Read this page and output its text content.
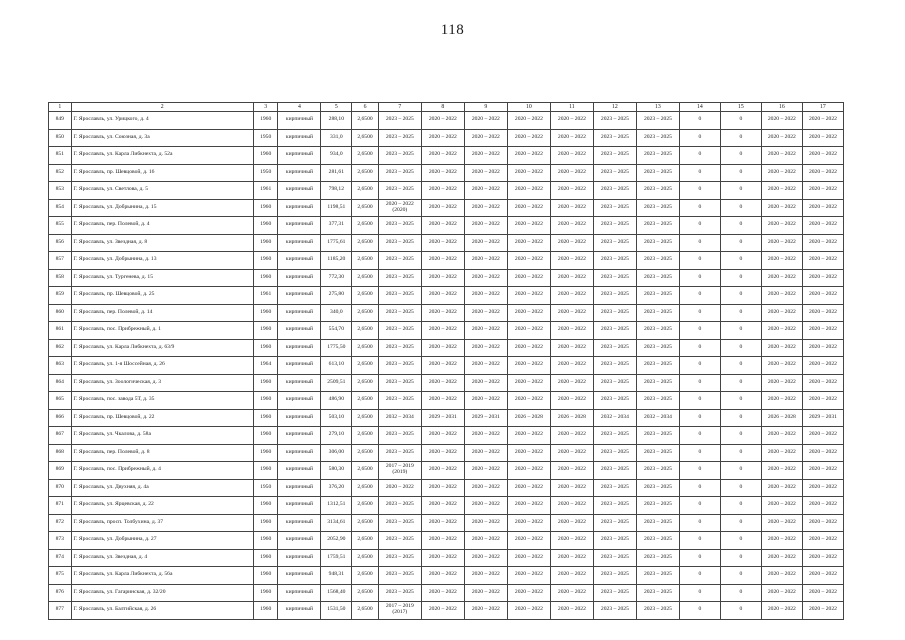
118
1	2	3	4	5	6	7	8	9	10	11	12	13	14	15	16	17
849	Г. Ярославль, ул. Урицкого, д. 4	1960	кирпичный	288,10	2,6500	2023 – 2025	2020 – 2022	2020 – 2022	2020 – 2022	2020 – 2022	2023 – 2025	2023 – 2025	0	0	2020 – 2022	2020 – 2022
850	Г. Ярославль, ул. Союзная, д. 3а	1950	кирпичный	331,0	2,6500	2023 – 2025	2020 – 2022	2020 – 2022	2020 – 2022	2020 – 2022	2023 – 2025	2023 – 2025	0	0	2020 – 2022	2020 – 2022
851	Г. Ярославль, ул. Карла Либкнехта, д. 52а	1960	кирпичный	934,0	2,6500	2023 – 2025	2020 – 2022	2020 – 2022	2020 – 2022	2020 – 2022	2023 – 2025	2023 – 2025	0	0	2020 – 2022	2020 – 2022
852	Г. Ярославль, пр. Шевцовой, д. 16	1950	кирпичный	281,61	2,6500	2023 – 2025	2020 – 2022	2020 – 2022	2020 – 2022	2020 – 2022	2023 – 2025	2023 – 2025	0	0	2020 – 2022	2020 – 2022
853	Г. Ярославль, ул. Светлова, д. 5	1961	кирпичный	798,12	2,6500	2023 – 2025	2020 – 2022	2020 – 2022	2020 – 2022	2020 – 2022	2023 – 2025	2023 – 2025	0	0	2020 – 2022	2020 – 2022
854	Г. Ярославль, ул. Добрынина, д. 15	1960	кирпичный	1198,51	2,6500	2020 – 2022 (2020)	2020 – 2022	2020 – 2022	2020 – 2022	2020 – 2022	2023 – 2025	2023 – 2025	0	0	2020 – 2022	2020 – 2022
855	Г. Ярославль, пер. Полевой, д. 4	1960	кирпичный	377,31	2,6500	2023 – 2025	2020 – 2022	2020 – 2022	2020 – 2022	2020 – 2022	2023 – 2025	2023 – 2025	0	0	2020 – 2022	2020 – 2022
856	Г. Ярославль, ул. Звездная, д. 8	1960	кирпичный	1775,61	2,6500	2023 – 2025	2020 – 2022	2020 – 2022	2020 – 2022	2020 – 2022	2023 – 2025	2023 – 2025	0	0	2020 – 2022	2020 – 2022
857	Г. Ярославль, ул. Добрынина, д. 13	1960	кирпичный	1185,20	2,6500	2023 – 2025	2020 – 2022	2020 – 2022	2020 – 2022	2020 – 2022	2023 – 2025	2023 – 2025	0	0	2020 – 2022	2020 – 2022
858	Г. Ярославль, ул. Тургенева, д. 15	1960	кирпичный	772,30	2,6500	2023 – 2025	2020 – 2022	2020 – 2022	2020 – 2022	2020 – 2022	2023 – 2025	2023 – 2025	0	0	2020 – 2022	2020 – 2022
859	Г. Ярославль, пр. Шевцовой, д. 25	1961	кирпичный	275,80	2,6500	2023 – 2025	2020 – 2022	2020 – 2022	2020 – 2022	2020 – 2022	2023 – 2025	2023 – 2025	0	0	2020 – 2022	2020 – 2022
860	Г. Ярославль, пер. Полевой, д. 14	1960	кирпичный	340,0	2,6500	2023 – 2025	2020 – 2022	2020 – 2022	2020 – 2022	2020 – 2022	2023 – 2025	2023 – 2025	0	0	2020 – 2022	2020 – 2022
861	Г. Ярославль, пос. Прибрежный, д. 1	1960	кирпичный	554,70	2,6500	2023 – 2025	2020 – 2022	2020 – 2022	2020 – 2022	2020 – 2022	2023 – 2025	2023 – 2025	0	0	2020 – 2022	2020 – 2022
862	Г. Ярославль, ул. Карла Либкнехта, д. 63/9	1960	кирпичный	1775,50	2,6500	2023 – 2025	2020 – 2022	2020 – 2022	2020 – 2022	2020 – 2022	2023 – 2025	2023 – 2025	0	0	2020 – 2022	2020 – 2022
863	Г. Ярославль, ул. 1-я Шоссейная, д. 26	1964	кирпичный	613,10	2,6500	2023 – 2025	2020 – 2022	2020 – 2022	2020 – 2022	2020 – 2022	2023 – 2025	2023 – 2025	0	0	2020 – 2022	2020 – 2022
864	Г. Ярославль, ул. Зоологическая, д. 3	1960	кирпичный	2509,51	2,6500	2023 – 2025	2020 – 2022	2020 – 2022	2020 – 2022	2020 – 2022	2023 – 2025	2023 – 2025	0	0	2020 – 2022	2020 – 2022
865	Г. Ярославль, пос. завода 5Т, д. 35	1960	кирпичный	486,90	2,6500	2023 – 2025	2020 – 2022	2020 – 2022	2020 – 2022	2020 – 2022	2023 – 2025	2023 – 2025	0	0	2020 – 2022	2020 – 2022
866	Г. Ярославль, пр. Шевцовой, д. 22	1960	кирпичный	503,10	2,6500	2032 – 2034	2029 – 2031	2029 – 2031	2026 – 2028	2026 – 2028	2032 – 2034	2032 – 2034	0	0	2026 – 2028	2029 – 2031
867	Г. Ярославль, ул. Чкалова, д. 58а	1960	кирпичный	279,10	2,6500	2023 – 2025	2020 – 2022	2020 – 2022	2020 – 2022	2020 – 2022	2023 – 2025	2023 – 2025	0	0	2020 – 2022	2020 – 2022
868	Г. Ярославль, пер. Полевой, д. 8	1960	кирпичный	306,00	2,6500	2023 – 2025	2020 – 2022	2020 – 2022	2020 – 2022	2020 – 2022	2023 – 2025	2023 – 2025	0	0	2020 – 2022	2020 – 2022
869	Г. Ярославль, пос. Прибрежный, д. 4	1960	кирпичный	580,30	2,6500	2017 – 2019 (2019)	2020 – 2022	2020 – 2022	2020 – 2022	2020 – 2022	2023 – 2025	2023 – 2025	0	0	2020 – 2022	2020 – 2022
870	Г. Ярославль, ул. Двухняя, д. 4а	1950	кирпичный	376,20	2,6500	2020 – 2022	2020 – 2022	2020 – 2022	2020 – 2022	2020 – 2022	2023 – 2025	2023 – 2025	0	0	2020 – 2022	2020 – 2022
871	Г. Ярославль, ул. Ярцевская, д. 22	1960	кирпичный	1312,51	2,6500	2023 – 2025	2020 – 2022	2020 – 2022	2020 – 2022	2020 – 2022	2023 – 2025	2023 – 2025	0	0	2020 – 2022	2020 – 2022
872	Г. Ярославль, просп. Толбухина, д. 37	1960	кирпичный	3134,61	2,6500	2023 – 2025	2020 – 2022	2020 – 2022	2020 – 2022	2020 – 2022	2023 – 2025	2023 – 2025	0	0	2020 – 2022	2020 – 2022
873	Г. Ярославль, ул. Добрынина, д. 27	1960	кирпичный	2052,90	2,6500	2023 – 2025	2020 – 2022	2020 – 2022	2020 – 2022	2020 – 2022	2023 – 2025	2023 – 2025	0	0	2020 – 2022	2020 – 2022
874	Г. Ярославль, ул. Звездная, д. 4	1960	кирпичный	1759,51	2,6500	2023 – 2025	2020 – 2022	2020 – 2022	2020 – 2022	2020 – 2022	2023 – 2025	2023 – 2025	0	0	2020 – 2022	2020 – 2022
875	Г. Ярославль, ул. Карла Либкнехта, д. 56а	1960	кирпичный	948,31	2,6500	2023 – 2025	2020 – 2022	2020 – 2022	2020 – 2022	2020 – 2022	2023 – 2025	2023 – 2025	0	0	2020 – 2022	2020 – 2022
876	Г. Ярославль, ул. Гагаринская, д. 32/20	1960	кирпичный	1568,40	2,6500	2023 – 2025	2020 – 2022	2020 – 2022	2020 – 2022	2020 – 2022	2023 – 2025	2023 – 2025	0	0	2020 – 2022	2020 – 2022
877	Г. Ярославль, ул. Балтийская, д. 26	1960	кирпичный	1531,50	2,6500	2017 – 2019 (2017)	2020 – 2022	2020 – 2022	2020 – 2022	2020 – 2022	2023 – 2025	2023 – 2025	0	0	2020 – 2022	2020 – 2022
